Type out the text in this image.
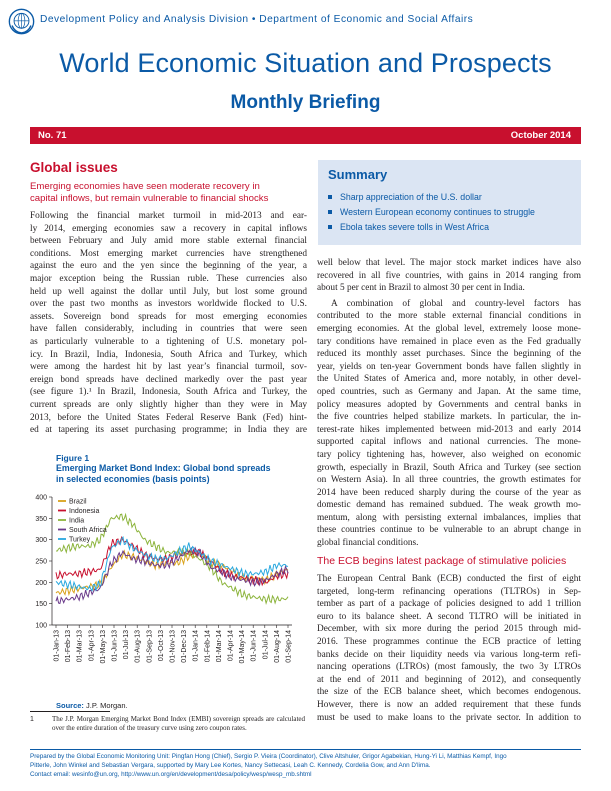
Development Policy and Analysis Division • Department of Economic and Social Affairs
World Economic Situation and Prospects
Monthly Briefing
No. 71	October 2014
Global issues
Emerging economies have seen moderate recovery in
capital inflows, but remain vulnerable to financial shocks
Following the financial market turmoil in mid-2013 and ear-
ly 2014, emerging economies saw a recovery in capital inflows
between February and July amid more stable external financial
conditions. Most emerging market currencies have strengthened
against the euro and the yen since the beginning of the year, a
major exception being the Russian ruble. These currencies also
held up well against the dollar until July, but lost some ground
over the past two months as investors worldwide flocked to U.S.
assets. Sovereign bond spreads for most emerging economies
have fallen considerably, including in countries that were seen
as particularly vulnerable to a tightening of U.S. monetary pol-
icy. In Brazil, India, Indonesia, South Africa and Turkey, which
were among the hardest hit by last year’s financial turmoil, sov-
ereign bond spreads have declined markedly over the past year
(see figure 1).¹ In Brazil, Indonesia, South Africa and Turkey, the
current spreads are only slightly higher than they were in May
2013, before the United States Federal Reserve Bank (Fed) hint-
ed at tapering its asset purchasing programme; in India they are
Figure 1
Emerging Market Bond Index: Global bond spreads
in selected economies (basis points)
100
150
200
250
300
350
400
01-Jan-13 01-Feb-13 01-Mar-13 01-Apr-13 01-May-13 01-Jun-13 01-Jul-13 01-Aug-13 01-Sep-13 01-Oct-13 01-Nov-13 01-Dec-13 01-Jan-14 01-Feb-14 01-Mar-14 01-Apr-14 01-May-14 01-Jun-14 01-Jul-14 01-Aug-14 01-Sep-14
Brazil
Indonesia
India
South Africa
Turkey
Source: J.P. Morgan.
1	The J.P. Morgan Emerging Market Bond Index (EMBI) sovereign spreads are calculated over the entire duration of the treasury curve using zero coupon rates.
Summary
Sharp appreciation of the U.S. dollar
Western European economy continues to struggle
Ebola takes severe tolls in West Africa
well below that level. The major stock market indices have also
recovered in all five countries, with gains in 2014 ranging from
about 5 per cent in Brazil to almost 30 per cent in India.
A combination of global and country-level factors has
contributed to the more stable external financial conditions in
emerging economies. At the global level, extremely loose mone-
tary conditions have remained in place even as the Fed gradually
reduced its monthly asset purchases. Since the beginning of the
year, yields on ten-year Government bonds have fallen slightly in
the United States of America and, more notably, in other devel-
oped countries, such as Germany and Japan. At the same time,
policy measures adopted by Governments and central banks in
the five countries helped stabilize markets. In particular, the in-
terest-rate hikes implemented between mid-2013 and early 2014
supported capital inflows and national currencies. The mone-
tary policy tightening has, however, also weighed on economic
growth, especially in Brazil, South Africa and Turkey (see section
on Western Asia). In all three countries, the growth estimates for
2014 have been reduced sharply during the course of the year as
domestic demand has remained subdued. The weak growth mo-
mentum, along with persisting external imbalances, implies that
these countries continue to be vulnerable to an abrupt change in
global financial conditions.
The ECB begins latest package of stimulative policies
The European Central Bank (ECB) conducted the first of eight
targeted, long-term refinancing operations (TLTROs) in Sep-
tember as part of a package of policies designed to add 1 trillion
euro to its balance sheet. A second TLTRO will be initiated in
December, with six more during the period 2015 through mid-
2016. These programmes continue the ECB practice of letting
banks decide on their liquidity needs via various long-term refi-
nancing operations (LTROs) (most famously, the two 3y LTROs
at the end of 2011 and beginning of 2012), and consequently
the size of the ECB balance sheet, which becomes endogenous.
However, there is now an added requirement that these funds
must be used to make loans to the private sector. In addition to

Prepared by the Global Economic Monitoring Unit: Pingfan Hong (Chief), Sergio P. Vieira (Coordinator), Clive Altshuler, Grigor Agabekian, Hung-Yi Li, Matthias Kempf, Ingo

Pitterle, John Winkel and Sebastian Vergara, supported by Mary Lee Kortes, Nancy Settecasi, Leah C. Kennedy, Cordelia Gow, and Ann D'lima.

Contact email: wesinfo@un.org, http://www.un.org/en/development/desa/policy/wesp/wesp_mb.shtml
